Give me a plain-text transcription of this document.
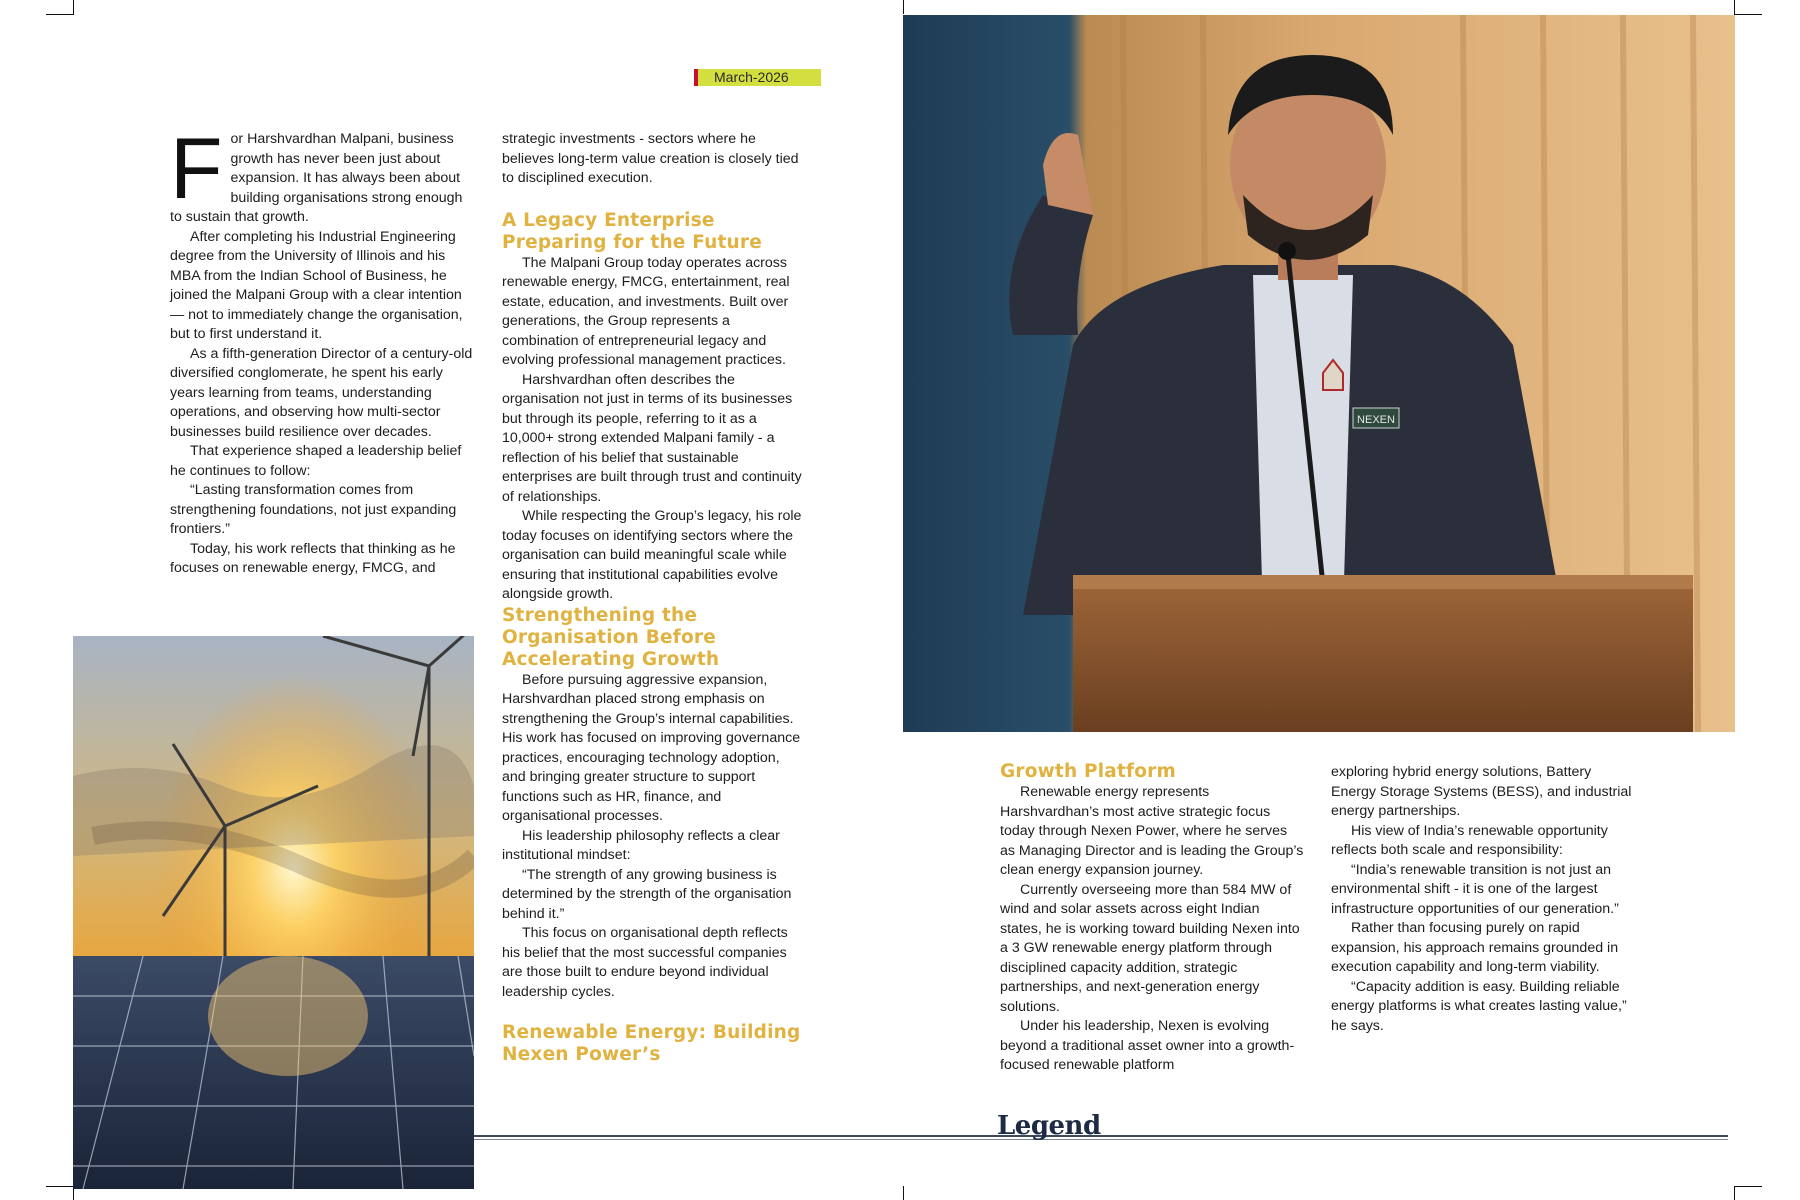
March-2026
F or Harshvardhan Malpani, business growth has never been just about expansion. It has always been about building organisations strong enough to sustain that growth.

After completing his Industrial Engineering degree from the University of Illinois and his MBA from the Indian School of Business, he joined the Malpani Group with a clear intention — not to immediately change the organisation, but to first understand it.

As a fifth-generation Director of a century-old diversified conglomerate, he spent his early years learning from teams, understanding operations, and observing how multi-sector businesses build resilience over decades.

That experience shaped a leadership belief he continues to follow:

“Lasting transformation comes from strengthening foundations, not just expanding frontiers.”

Today, his work reflects that thinking as he focuses on renewable energy, FMCG, and

strategic investments - sectors where he believes long-term value creation is closely tied to disciplined execution.

A Legacy Enterprise Preparing for the Future

The Malpani Group today operates across renewable energy, FMCG, entertainment, real estate, education, and investments. Built over generations, the Group represents a combination of entrepreneurial legacy and evolving professional management practices.

Harshvardhan often describes the organisation not just in terms of its businesses but through its people, referring to it as a 10,000+ strong extended Malpani family - a reflection of his belief that sustainable enterprises are built through trust and continuity of relationships.

While respecting the Group’s legacy, his role today focuses on identifying sectors where the organisation can build meaningful scale while ensuring that institutional capabilities evolve alongside growth.

Strengthening the Organisation Before Accelerating Growth

Before pursuing aggressive expansion, Harshvardhan placed strong emphasis on strengthening the Group’s internal capabilities. His work has focused on improving governance practices, encouraging technology adoption, and bringing greater structure to support functions such as HR, finance, and organisational processes.

His leadership philosophy reflects a clear institutional mindset:

“The strength of any growing business is determined by the strength of the organisation behind it.”

This focus on organisational depth reflects his belief that the most successful companies are those built to endure beyond individual leadership cycles.

Renewable Energy: Building Nexen Power’s
NEXEN
Growth Platform

Renewable energy represents Harshvardhan’s most active strategic focus today through Nexen Power, where he serves as Managing Director and is leading the Group’s clean energy expansion journey.

Currently overseeing more than 584 MW of wind and solar assets across eight Indian states, he is working toward building Nexen into a 3 GW renewable energy platform through disciplined capacity addition, strategic partnerships, and next-generation energy solutions.

Under his leadership, Nexen is evolving beyond a traditional asset owner into a growth-focused renewable platform

exploring hybrid energy solutions, Battery Energy Storage Systems (BESS), and industrial energy partnerships.

His view of India’s renewable opportunity reflects both scale and responsibility:

“India’s renewable transition is not just an environmental shift - it is one of the largest infrastructure opportunities of our generation.”

Rather than focusing purely on rapid expansion, his approach remains grounded in execution capability and long-term viability.

“Capacity addition is easy. Building reliable energy platforms is what creates lasting value,” he says.

Legend
